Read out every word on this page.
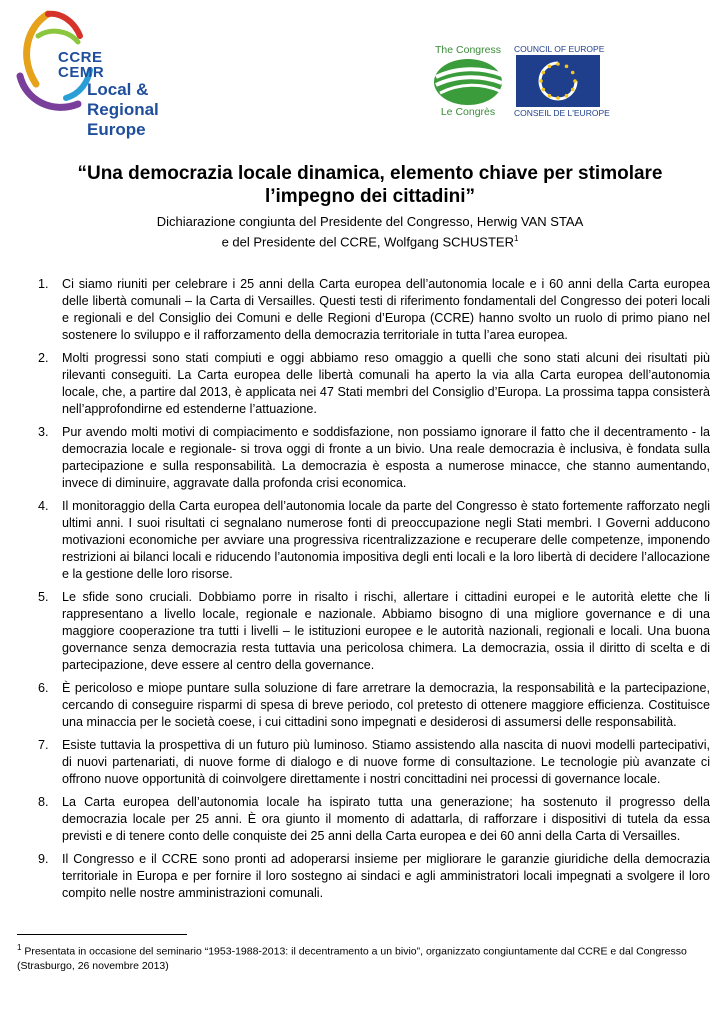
CCRE
CEMR
Local & Regional
Europe
The Congress
Le Congrès
COUNCIL OF EUROPE
CONSEIL DE L'EUROPE
“Una democrazia locale dinamica, elemento chiave per stimolare l’impegno dei cittadini”
Dichiarazione congiunta del Presidente del Congresso, Herwig VAN STAA
e del Presidente del CCRE, Wolfgang SCHUSTER$^1$
1. Ci siamo riuniti per celebrare i 25 anni della Carta europea dell’autonomia locale e i 60 anni della Carta europea delle libertà comunali – la Carta di Versailles. Questi testi di riferimento fondamentali del Congresso dei poteri locali e regionali e del Consiglio dei Comuni e delle Regioni d’Europa (CCRE) hanno svolto un ruolo di primo piano nel sostenere lo sviluppo e il rafforzamento della democrazia territoriale in tutta l’area europea.
2. Molti progressi sono stati compiuti e oggi abbiamo reso omaggio a quelli che sono stati alcuni dei risultati più rilevanti conseguiti. La Carta europea delle libertà comunali ha aperto la via alla Carta europea dell’autonomia locale, che, a partire dal 2013, è applicata nei 47 Stati membri del Consiglio d’Europa. La prossima tappa consisterà nell’approfondirne ed estenderne l’attuazione.
3. Pur avendo molti motivi di compiacimento e soddisfazione, non possiamo ignorare il fatto che il decentramento - la democrazia locale e regionale- si trova oggi di fronte a un bivio. Una reale democrazia è inclusiva, è fondata sulla partecipazione e sulla responsabilità. La democrazia è esposta a numerose minacce, che stanno aumentando, invece di diminuire, aggravate dalla profonda crisi economica.
4. Il monitoraggio della Carta europea dell’autonomia locale da parte del Congresso è stato fortemente rafforzato negli ultimi anni. I suoi risultati ci segnalano numerose fonti di preoccupazione negli Stati membri. I Governi adducono motivazioni economiche per avviare una progressiva ricentralizzazione e recuperare delle competenze, imponendo restrizioni ai bilanci locali e riducendo l’autonomia impositiva degli enti locali e la loro libertà di decidere l’allocazione e la gestione delle loro risorse.
5. Le sfide sono cruciali. Dobbiamo porre in risalto i rischi, allertare i cittadini europei e le autorità elette che li rappresentano a livello locale, regionale e nazionale. Abbiamo bisogno di una migliore governance e di una maggiore cooperazione tra tutti i livelli – le istituzioni europee e le autorità nazionali, regionali e locali. Una buona governance senza democrazia resta tuttavia una pericolosa chimera. La democrazia, ossia il diritto di scelta e di partecipazione, deve essere al centro della governance.
6. È pericoloso e miope puntare sulla soluzione di fare arretrare la democrazia, la responsabilità e la partecipazione, cercando di conseguire risparmi di spesa di breve periodo, col pretesto di ottenere maggiore efficienza. Costituisce una minaccia per le società coese, i cui cittadini sono impegnati e desiderosi di assumersi delle responsabilità.
7. Esiste tuttavia la prospettiva di un futuro più luminoso. Stiamo assistendo alla nascita di nuovi modelli partecipativi, di nuovi partenariati, di nuove forme di dialogo e di nuove forme di consultazione. Le tecnologie più avanzate ci offrono nuove opportunità di coinvolgere direttamente i nostri concittadini nei processi di governance locale.
8. La Carta europea dell’autonomia locale ha ispirato tutta una generazione; ha sostenuto il progresso della democrazia locale per 25 anni. È ora giunto il momento di adattarla, di rafforzare i dispositivi di tutela da essa previsti e di tenere conto delle conquiste dei 25 anni della Carta europea e dei 60 anni della Carta di Versailles.
9. Il Congresso e il CCRE sono pronti ad adoperarsi insieme per migliorare le garanzie giuridiche della democrazia territoriale in Europa e per fornire il loro sostegno ai sindaci e agli amministratori locali impegnati a svolgere il loro compito nelle nostre amministrazioni comunali.
$^1$ Presentata in occasione del seminario “1953-1988-2013: il decentramento a un bivio”, organizzato congiuntamente dal CCRE e dal Congresso (Strasburgo, 26 novembre 2013)
